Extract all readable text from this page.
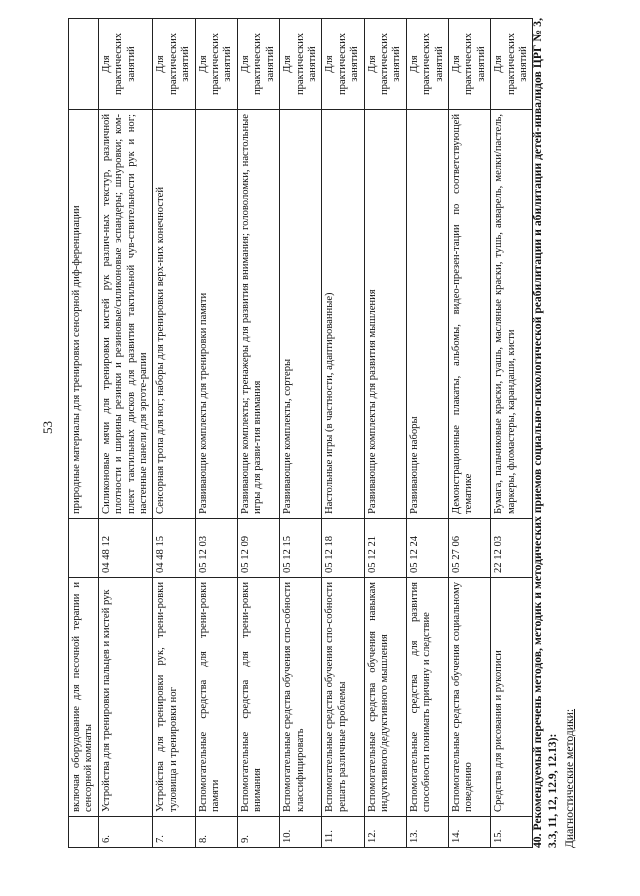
53
	включая оборудование для песочной терапии и сенсорной комнаты		природные материалы для тренировки сенсорной диф-ференциации	
6.	Устройства для тренировки пальцев и кистей рук	04 48 12	Силиконовые мячи для тренировки кистей рук различ-ных текстур, различной плотности и ширины резинки и резиновые/силиконовые эспандеры; шнуровки; ком-плект тактильных дисков для развития тактильной чув-ствительности рук и ног; настенные панели для эрготе-рапии	Для практических занятий
7.	Устройства для тренировки рук, трени-ровки туловища и тренировки ног	04 48 15	Сенсорная тропа для ног; наборы для тренировки верх-них конечностей	Для практических занятий
8.	Вспомогательные средства для трени-ровки памяти	05 12 03	Развивающие комплекты для тренировки памяти	Для практических занятий
9.	Вспомогательные средства для трени-ровки внимания	05 12 09	Развивающие комплекты; тренажеры для развития внимания; головоломки, настольные игры для разви-тия внимания	Для практических занятий
10.	Вспомогательные средства обучения спо-собности классифицировать	05 12 15	Развивающие комплекты, сортеры	Для практических занятий
11.	Вспомогательные средства обучения спо-собности решать различные проблемы	05 12 18	Настольные игры (в частности, адаптированные)	Для практических занятий
12.	Вспомогательные средства обучения навыкам индуктивного/дедуктивного мышления	05 12 21	Развивающие комплекты для развития мышления	Для практических занятий
13.	Вспомогательные средства для развития способности понимать причину и следствие	05 12 24	Развивающие наборы	Для практических занятий
14.	Вспомогательные средства обучения социальному поведению	05 27 06	Демонстрационные плакаты, альбомы, видео-презен-тации по соответствующей тематике	Для практических занятий
15.	Средства для рисования и рукописи	22 12 03	Бумага, пальчиковые краски, гуашь, масляные краски, тушь, акварель, мелки/пастель, маркеры, фломастеры, карандаши, кисти	Для практических занятий 40. Рекомендуемый перечень методов, методик и методических приемов социально-психологической реабилитации и абилитации детей-инвалидов ЦРГ № 3, 3.3, 11, 12, 12.9, 12.13): Диагностические методики:
